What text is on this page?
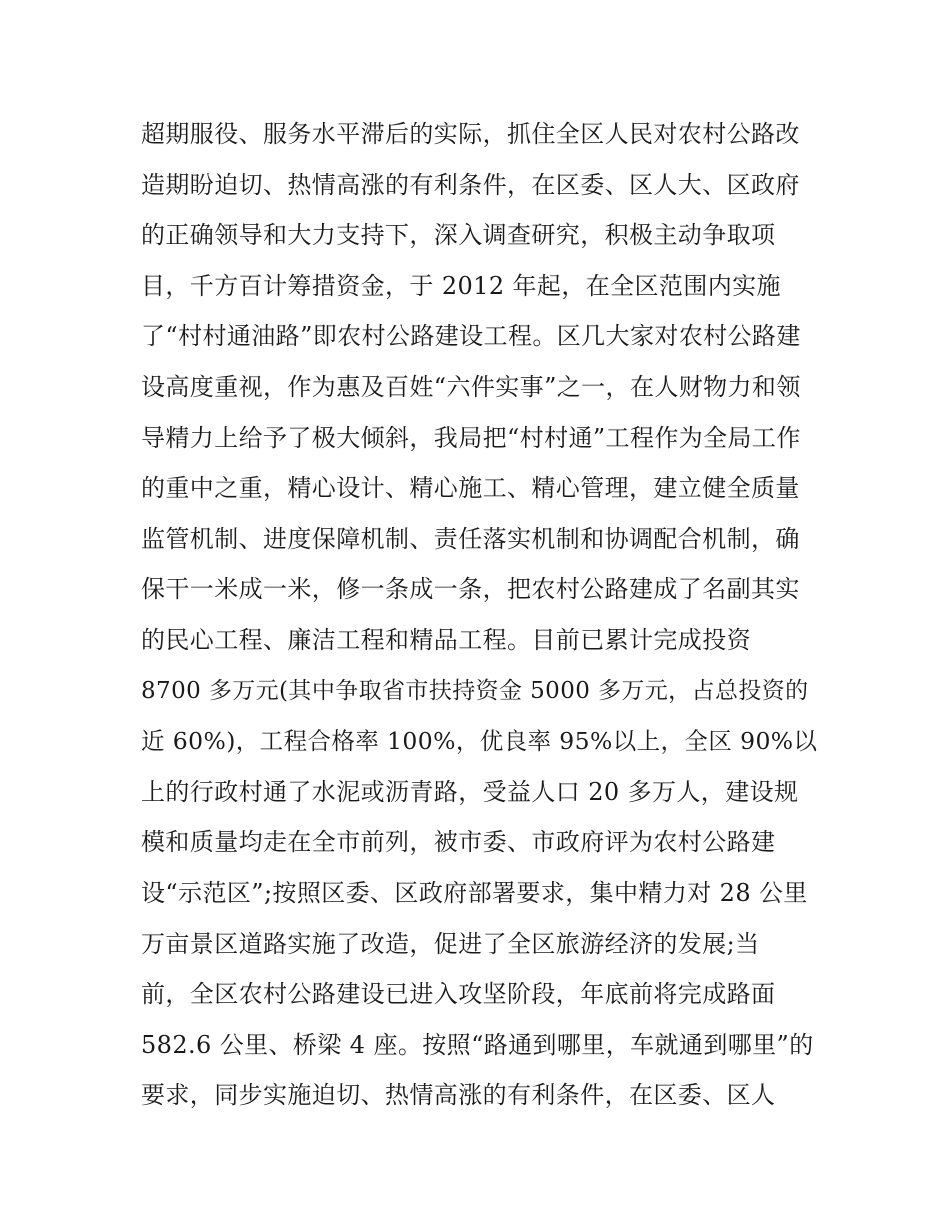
超期服役、服务水平滞后的实际，抓住全区人民对农村公路改
造期盼迫切、热情高涨的有利条件，在区委、区人大、区政府
的正确领导和大力支持下，深入调查研究，积极主动争取项
目，千方百计筹措资金，于 2012 年起，在全区范围内实施
了“村村通油路”即农村公路建设工程。区几大家对农村公路建
设高度重视，作为惠及百姓“六件实事”之一，在人财物力和领
导精力上给予了极大倾斜，我局把“村村通”工程作为全局工作
的重中之重，精心设计、精心施工、精心管理，建立健全质量
监管机制、进度保障机制、责任落实机制和协调配合机制，确
保干一米成一米，修一条成一条，把农村公路建成了名副其实
的民心工程、廉洁工程和精品工程。目前已累计完成投资
8700 多万元(其中争取省市扶持资金 5000 多万元，占总投资的
近 60%)，工程合格率 100%，优良率 95%以上，全区 90%以
上的行政村通了水泥或沥青路，受益人口 20 多万人，建设规
模和质量均走在全市前列，被市委、市政府评为农村公路建
设“示范区”;按照区委、区政府部署要求，集中精力对 28 公里
万亩景区道路实施了改造，促进了全区旅游经济的发展;当
前，全区农村公路建设已进入攻坚阶段，年底前将完成路面
582.6 公里、桥梁 4 座。按照“路通到哪里，车就通到哪里”的
要求，同步实施迫切、热情高涨的有利条件，在区委、区人
